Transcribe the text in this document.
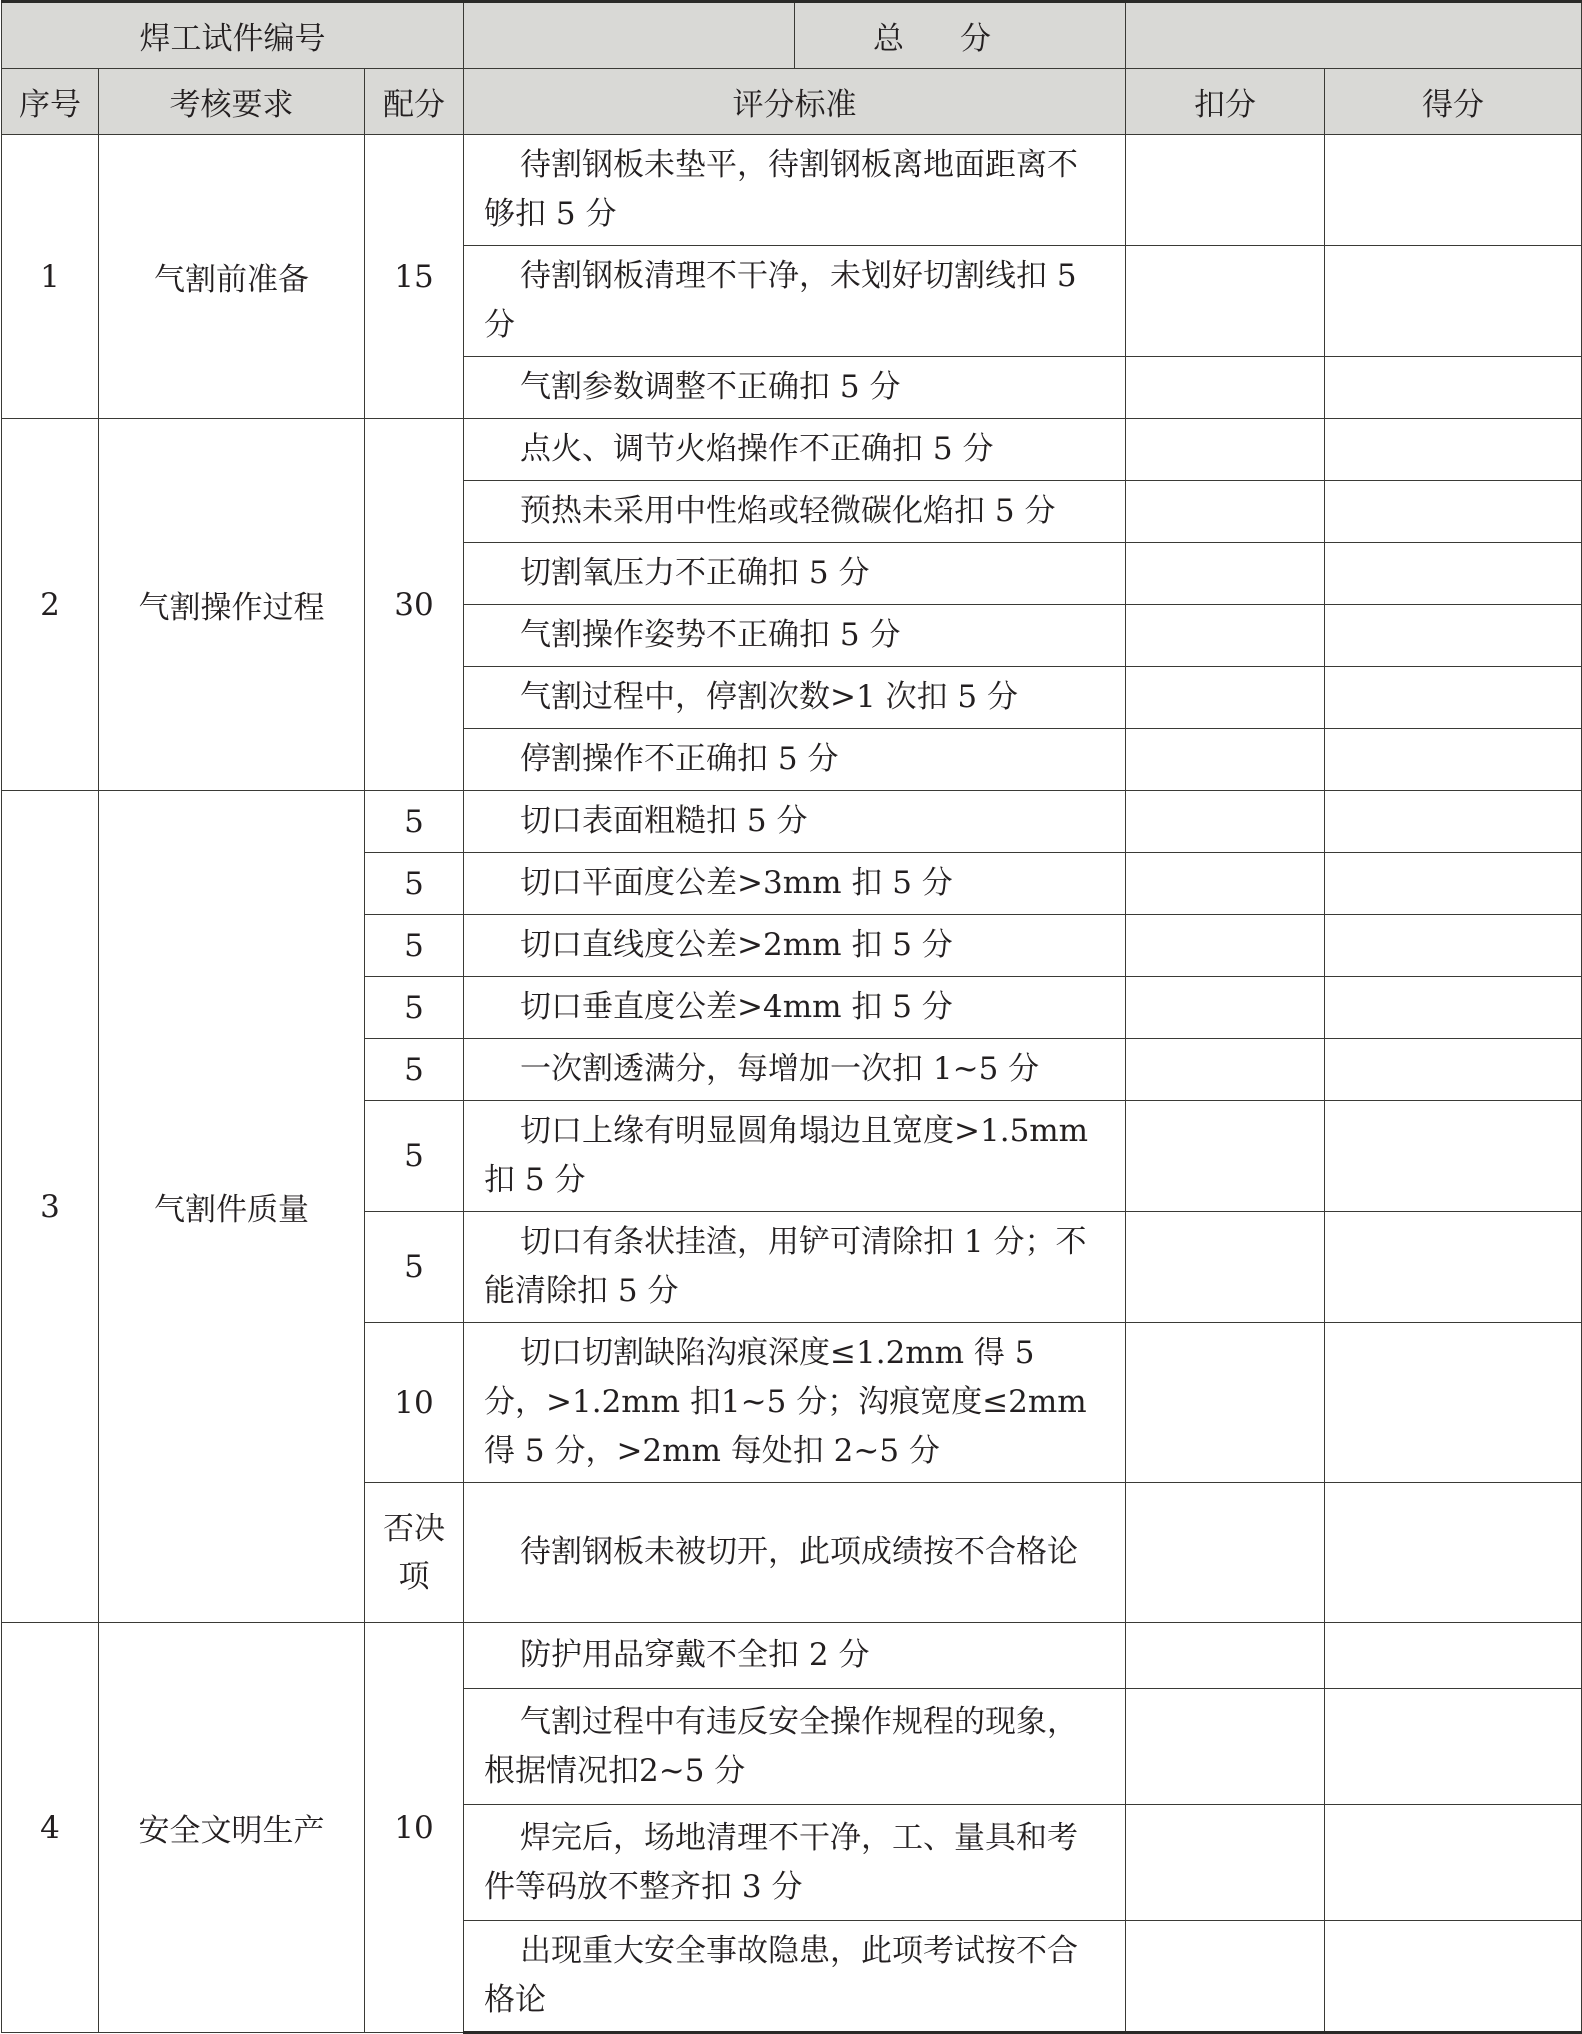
焊工试件编号				总分		
序号	考核要求	配分	评分标准		扣分	得分
1	气割前准备	15	待割钢板未垫平，待割钢板离地面距离不够扣 5 分			
			待割钢板清理不干净，未划好切割线扣 5 分			
			气割参数调整不正确扣 5 分			
2	气割操作过程	30	点火、调节火焰操作不正确扣 5 分			
			预热未采用中性焰或轻微碳化焰扣 5 分			
			切割氧压力不正确扣 5 分			
			气割操作姿势不正确扣 5 分			
			气割过程中，停割次数>1 次扣 5 分			
			停割操作不正确扣 5 分			
3	气割件质量	5	切口表面粗糙扣 5 分			
		5	切口平面度公差>3mm 扣 5 分			
		5	切口直线度公差>2mm 扣 5 分			
		5	切口垂直度公差>4mm 扣 5 分			
		5	一次割透满分，每增加一次扣 1~5 分			
		5	切口上缘有明显圆角塌边且宽度>1.5mm 扣 5 分			
		5	切口有条状挂渣，用铲可清除扣 1 分；不能清除扣 5 分			
		10	切口切割缺陷沟痕深度≤1.2mm 得 5 分，>1.2mm 扣1~5 分；沟痕宽度≤2mm 得 5 分，>2mm 每处扣 2~5 分			
		否决项	待割钢板未被切开，此项成绩按不合格论			
4	安全文明生产	10	防护用品穿戴不全扣 2 分			
			气割过程中有违反安全操作规程的现象，根据情况扣2~5 分			
			焊完后，场地清理不干净，工、量具和考件等码放不整齐扣 3 分			
			出现重大安全事故隐患，此项考试按不合格论			
